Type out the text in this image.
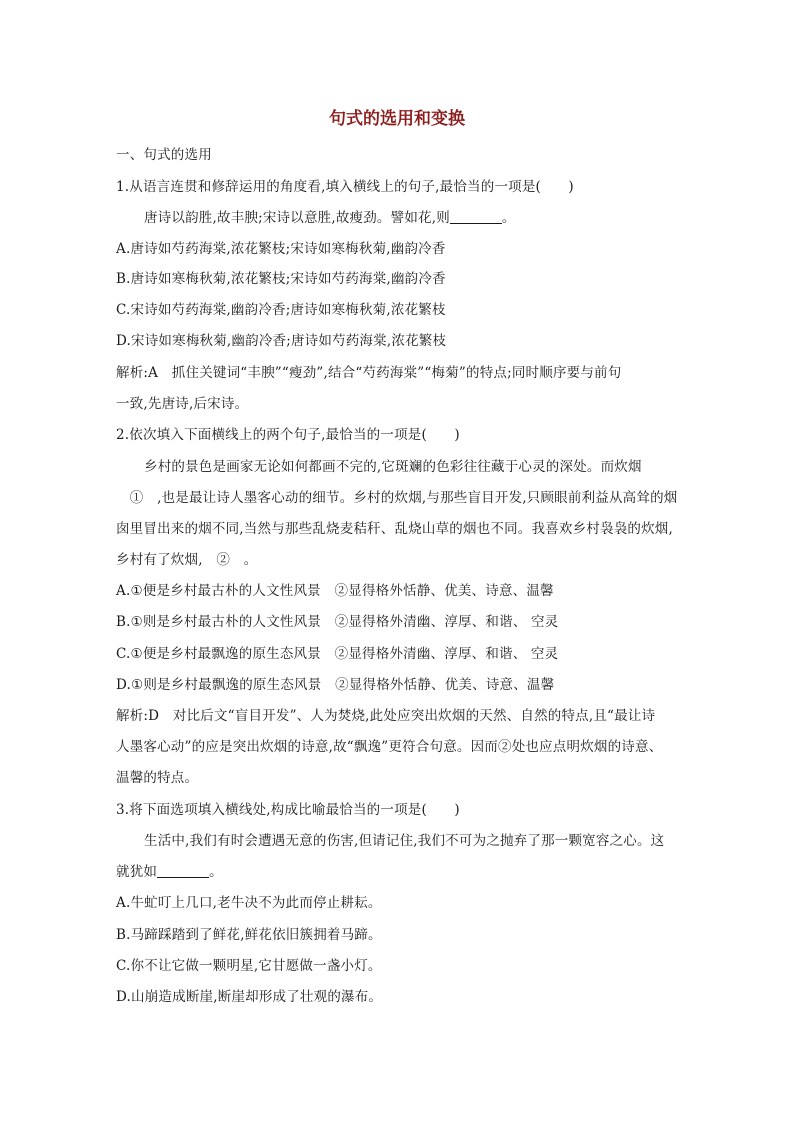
句式的选用和变换
一、句式的选用
1.从语言连贯和修辞运用的角度看,填入横线上的句子,最恰当的一项是(　　)
唐诗以韵胜,故丰腴;宋诗以意胜,故瘦劲。譬如花,则	。
A.唐诗如芍药海棠,浓花繁枝;宋诗如寒梅秋菊,幽韵冷香
B.唐诗如寒梅秋菊,浓花繁枝;宋诗如芍药海棠,幽韵冷香
C.宋诗如芍药海棠,幽韵冷香;唐诗如寒梅秋菊,浓花繁枝
D.宋诗如寒梅秋菊,幽韵冷香;唐诗如芍药海棠,浓花繁枝
解析:A　抓住关键词“丰腴”“瘦劲”,结合“芍药海棠”“梅菊”的特点;同时顺序要与前句
一致,先唐诗,后宋诗。
2.依次填入下面横线上的两个句子,最恰当的一项是(　　)
乡村的景色是画家无论如何都画不完的,它斑斓的色彩往往藏于心灵的深处。而炊烟
　①　,也是最让诗人墨客心动的细节。乡村的炊烟,与那些盲目开发,只顾眼前利益从高耸的烟
囱里冒出来的烟不同,当然与那些乱烧麦秸秆、乱烧山草的烟也不同。我喜欢乡村袅袅的炊烟,
乡村有了炊烟,　②　。
A.①便是乡村最古朴的人文性风景　②显得格外恬静、优美、诗意、温馨
B.①则是乡村最古朴的人文性风景　②显得格外清幽、淳厚、和谐、 空灵
C.①便是乡村最飘逸的原生态风景　②显得格外清幽、淳厚、和谐、 空灵
D.①则是乡村最飘逸的原生态风景　②显得格外恬静、优美、诗意、温馨
解析:D　对比后文“盲目开发”、人为焚烧,此处应突出炊烟的天然、自然的特点,且“最让诗
人墨客心动”的应是突出炊烟的诗意,故“飘逸”更符合句意。因而②处也应点明炊烟的诗意、
温馨的特点。
3.将下面选项填入横线处,构成比喻最恰当的一项是(　　)
生活中,我们有时会遭遇无意的伤害,但请记住,我们不可为之抛弃了那一颗宽容之心。这
就犹如	。
A.牛虻叮上几口,老牛决不为此而停止耕耘。
B.马蹄踩踏到了鲜花,鲜花依旧簇拥着马蹄。
C.你不让它做一颗明星,它甘愿做一盏小灯。
D.山崩造成断崖,断崖却形成了壮观的瀑布。
